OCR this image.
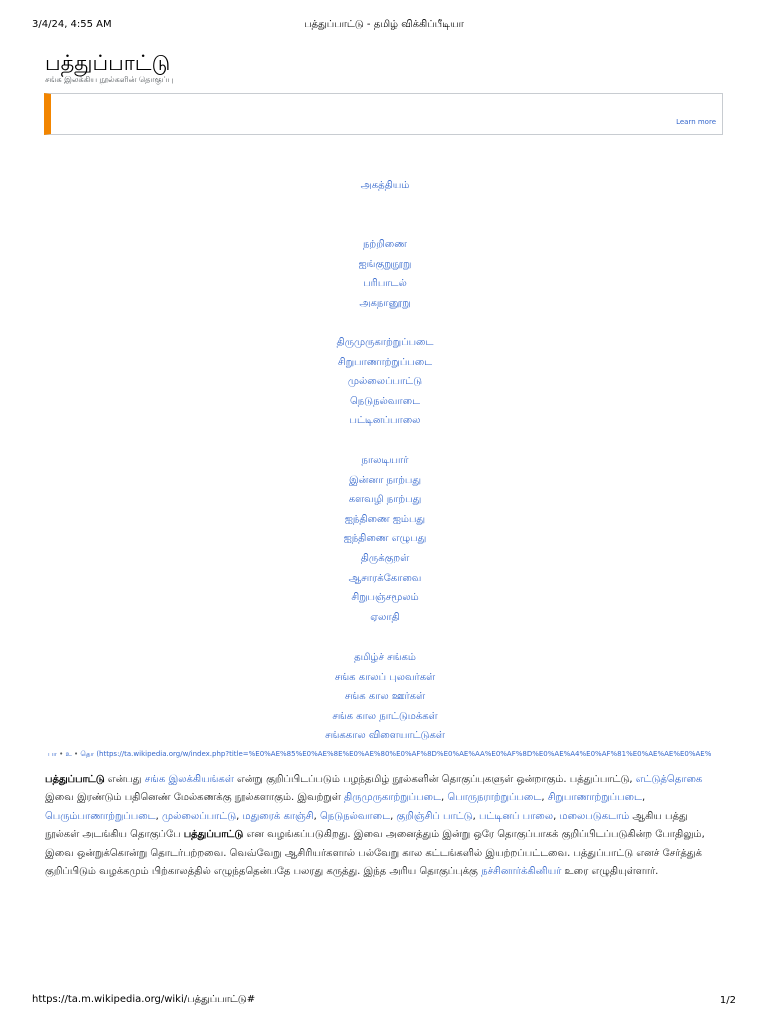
3/4/24, 4:55 AM	பத்துப்பாட்டு - தமிழ் விக்கிப்பீடியா
பத்துப்பாட்டு
சங்க இலக்கிய நூல்களின் தொகுப்பு
Learn more
அகத்தியம்
நற்றிணை
ஐங்குறுநூறு
பரிபாடல்
அகநானூறு
திருமுருகாற்றுப்படை
சிறுபாணாற்றுப்படை
முல்லைப்பாட்டு
நெடுநல்வாடை
பட்டினப்பாலை
நாலடியார்
இன்னா நாற்பது
களவழி நாற்பது
ஐந்திணை ஐம்பது
ஐந்திணை எழுபது
திருக்குறள்
ஆசாரக்கோவை
சிறுபஞ்சமூலம்
ஏலாதி
தமிழ்ச் சங்கம்
சங்க காலப் புலவர்கள்
சங்க கால ஊர்கள்
சங்க கால நாட்டுமக்கள்
சங்ககால விளையாட்டுகள்
பா • உ • தொ (https://ta.wikipedia.org/w/index.php?title=%E0%AE%85%E0%AE%8E%E0%AE%80%E0%AF%8D%E0%AE%AA%E0%AF%8D%E0%AE%A4%E0%AF%81%E0%AE%AE%E0%AE%

பத்துப்பாட்டு என்பது சங்க இலக்கியங்கள் என்று குறிப்பிடப்படும் பழந்தமிழ் நூல்களின் தொகுப்புகளுள் ஒன்றாகும். பத்துப்பாட்டு, எட்டுத்தொகை இவை இரண்டும் பதினெண் மேல்கணக்கு நூல்களாகும். இவற்றுள் திருமுருகாற்றுப்படை, பொருநராற்றுப்படை, சிறுபாணாற்றுப்படை, பெரும்பாணாற்றுப்படை, முல்லைப்பாட்டு, மதுரைக் காஞ்சி, நெடுநல்வாடை, குறிஞ்சிப் பாட்டு, பட்டினப் பாலை, மலைபடுகடாம் ஆகிய பத்து நூல்கள் அடங்கிய தொகுப்பே பத்துப்பாட்டு என வழங்கப்படுகிறது. இவை அனைத்தும் இன்று ஒரே தொகுப்பாகக் குறிப்பிடப்படுகின்ற போதிலும், இவை ஒன்றுக்கொன்று தொடர்பற்றவை. வெவ்வேறு ஆசிரியர்களால் பல்வேறு கால கட்டங்களில் இயற்றப்பட்டவை. பத்துப்பாட்டு எனச் சேர்த்துக் குறிப்பிடும் வழக்கமும் பிற்காலத்தில் எழுந்ததென்பதே பலரது கருத்து. இந்த அரிய தொகுப்புக்கு நச்சினார்க்கினியர் உரை எழுதியுள்ளார்.

https://ta.m.wikipedia.org/wiki/பத்துப்பாட்டு#	1/2
